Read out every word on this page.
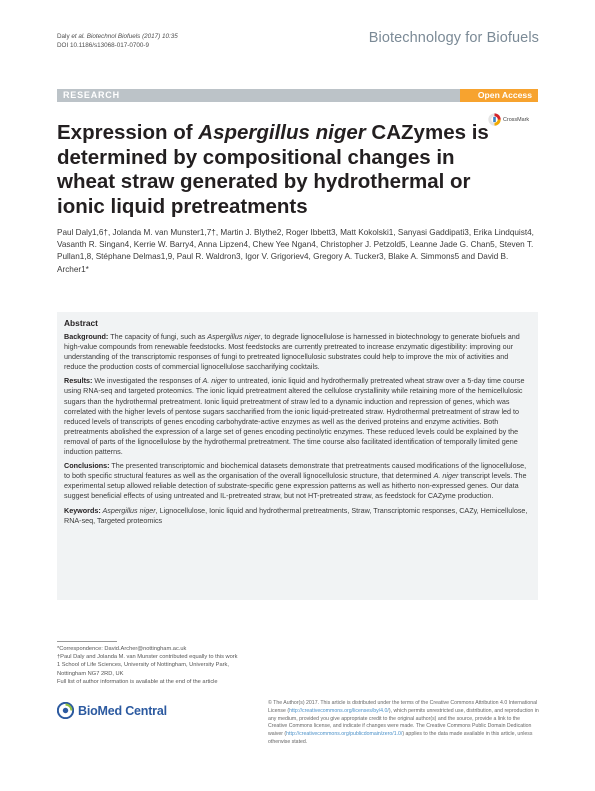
Daly et al. Biotechnol Biofuels (2017) 10:35
DOI 10.1186/s13068-017-0700-9	Biotechnology for Biofuels
RESEARCH	Open Access
CrossMark
Expression of Aspergillus niger CAZymes is determined by compositional changes in wheat straw generated by hydrothermal or ionic liquid pretreatments
Paul Daly1,6†, Jolanda M. van Munster1,7†, Martin J. Blythe2, Roger Ibbett3, Matt Kokolski1, Sanyasi Gaddipati3, Erika Lindquist4, Vasanth R. Singan4, Kerrie W. Barry4, Anna Lipzen4, Chew Yee Ngan4, Christopher J. Petzold5, Leanne Jade G. Chan5, Steven T. Pullan1,8, Stéphane Delmas1,9, Paul R. Waldron3, Igor V. Grigoriev4, Gregory A. Tucker3, Blake A. Simmons5 and David B. Archer1*
Abstract

Background: The capacity of fungi, such as Aspergillus niger, to degrade lignocellulose is harnessed in biotechnology to generate biofuels and high-value compounds from renewable feedstocks. Most feedstocks are currently pretreated to increase enzymatic digestibility: improving our understanding of the transcriptomic responses of fungi to pretreated lignocellulosic substrates could help to improve the mix of activities and reduce the production costs of commercial lignocellulose saccharifying cocktails.

Results: We investigated the responses of A. niger to untreated, ionic liquid and hydrothermally pretreated wheat straw over a 5-day time course using RNA-seq and targeted proteomics. The ionic liquid pretreatment altered the cellulose crystallinity while retaining more of the hemicellulosic sugars than the hydrothermal pretreatment. Ionic liquid pretreatment of straw led to a dynamic induction and repression of genes, which was correlated with the higher levels of pentose sugars saccharified from the ionic liquid-pretreated straw. Hydrothermal pretreatment of straw led to reduced levels of transcripts of genes encoding carbohydrate-active enzymes as well as the derived proteins and enzyme activities. Both pretreatments abolished the expression of a large set of genes encoding pectinolytic enzymes. These reduced levels could be explained by the removal of parts of the lignocellulose by the hydrothermal pretreatment. The time course also facilitated identification of temporally limited gene induction patterns.

Conclusions: The presented transcriptomic and biochemical datasets demonstrate that pretreatments caused modifications of the lignocellulose, to both specific structural features as well as the organisation of the overall lignocellulosic structure, that determined A. niger transcript levels. The experimental setup allowed reliable detection of substrate-specific gene expression patterns as well as hitherto non-expressed genes. Our data suggest beneficial effects of using untreated and IL-pretreated straw, but not HT-pretreated straw, as feedstock for CAZyme production.

Keywords: Aspergillus niger, Lignocellulose, Ionic liquid and hydrothermal pretreatments, Straw, Transcriptomic responses, CAZy, Hemicellulose, RNA-seq, Targeted proteomics

*Correspondence: David.Archer@nottingham.ac.uk
†Paul Daly and Jolanda M. van Munster contributed equally to this work
1 School of Life Sciences, University of Nottingham, University Park,
Nottingham NG7 2RD, UK
Full list of author information is available at the end of the article
BioMed Central
© The Author(s) 2017. This article is distributed under the terms of the Creative Commons Attribution 4.0 International License (http://creativecommons.org/licenses/by/4.0/), which permits unrestricted use, distribution, and reproduction in any medium, provided you give appropriate credit to the original author(s) and the source, provide a link to the Creative Commons license, and indicate if changes were made. The Creative Commons Public Domain Dedication waiver (http://creativecommons.org/publicdomain/zero/1.0/) applies to the data made available in this article, unless otherwise stated.
